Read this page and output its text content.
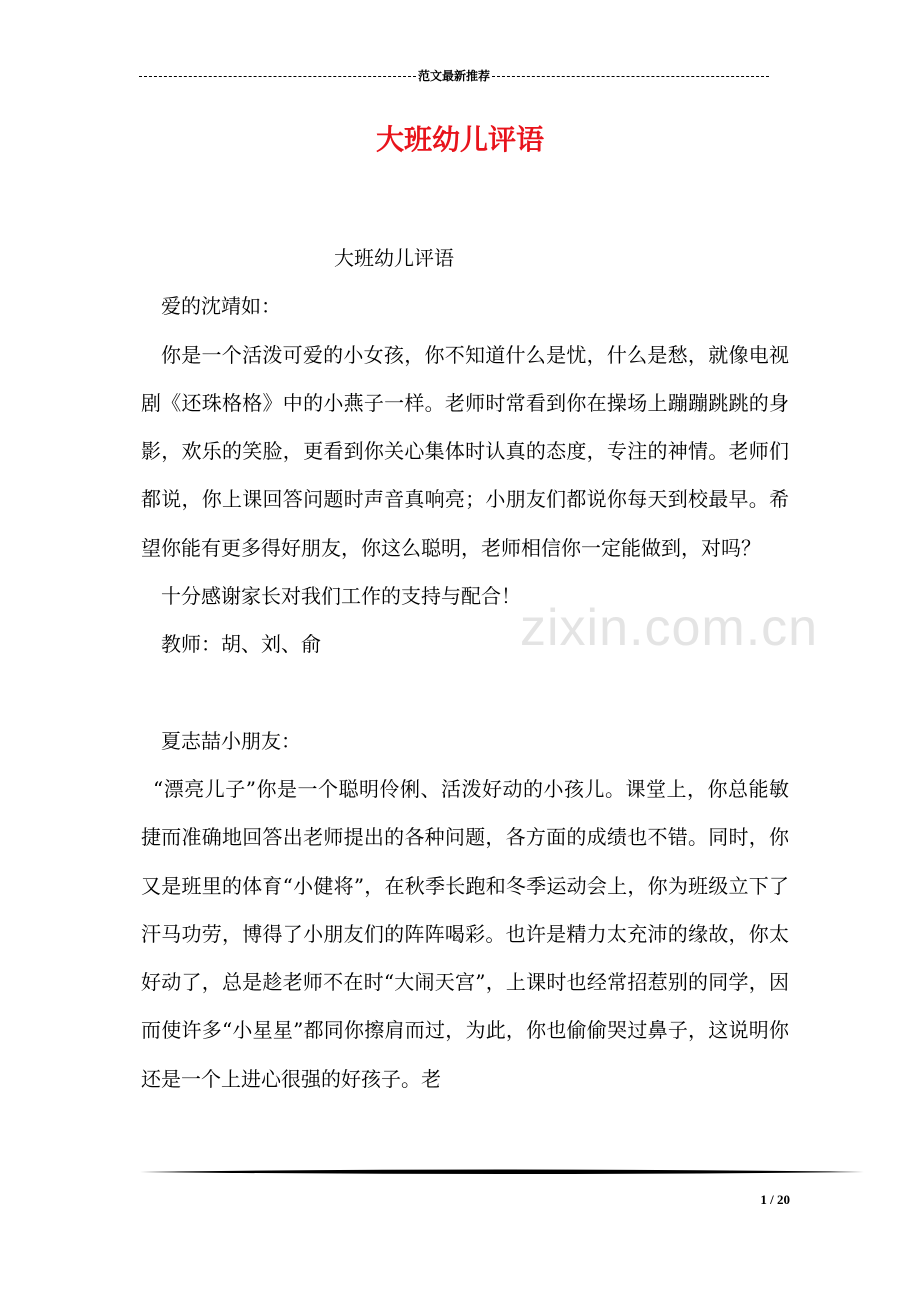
范文最新推荐
大班幼儿评语
zixin.com.cn

大班幼儿评语

爱的沈靖如：

你是一个活泼可爱的小女孩，你不知道什么是忧，什么是愁，就像电视剧《还珠格格》中的小燕子一样。老师时常看到你在操场上蹦蹦跳跳的身影，欢乐的笑脸，更看到你关心集体时认真的态度，专注的神情。老师们都说，你上课回答问题时声音真响亮；小朋友们都说你每天到校最早。希望你能有更多得好朋友，你这么聪明，老师相信你一定能做到，对吗？

十分感谢家长对我们工作的支持与配合！

教师：胡、刘、俞

夏志喆小朋友：

“漂亮儿子”你是一个聪明伶俐、活泼好动的小孩儿。课堂上，你总能敏捷而准确地回答出老师提出的各种问题，各方面的成绩也不错。同时，你又是班里的体育“小健将”，在秋季长跑和冬季运动会上，你为班级立下了汗马功劳，博得了小朋友们的阵阵喝彩。也许是精力太充沛的缘故，你太好动了，总是趁老师不在时“大闹天宫”，上课时也经常招惹别的同学，因而使许多“小星星”都同你擦肩而过，为此，你也偷偷哭过鼻子，这说明你还是一个上进心很强的好孩子。老

1 / 20
